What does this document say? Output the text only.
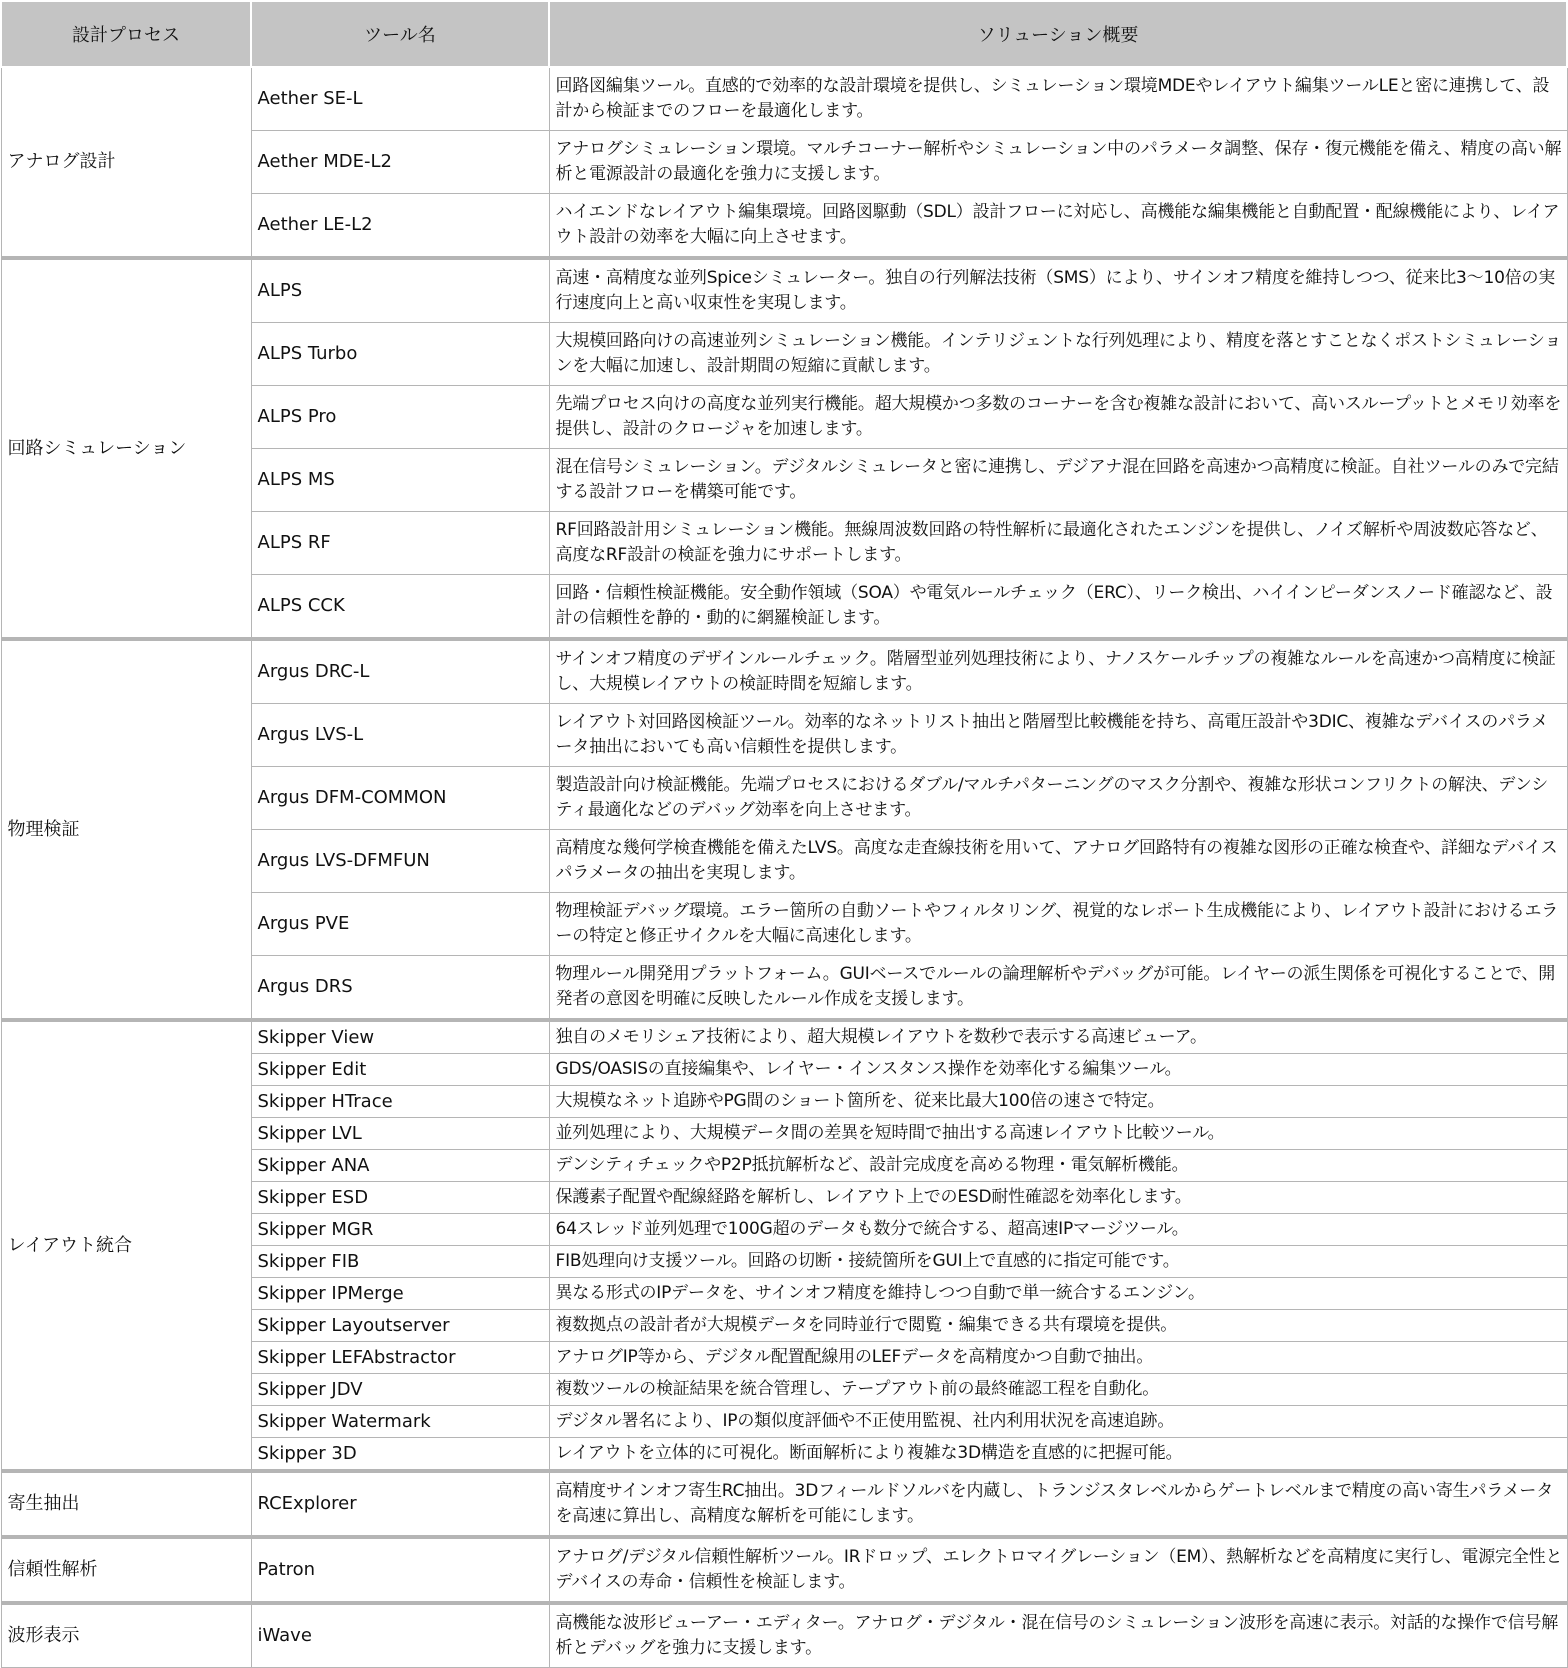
設計プロセス	ツール名	ソリューション概要
アナログ設計	Aether SE-L	回路図編集ツール。直感的で効率的な設計環境を提供し、シミュレーション環境MDEやレイアウト編集ツールLEと密に連携して、設計から検証までのフローを最適化します。
	Aether MDE-L2	アナログシミュレーション環境。マルチコーナー解析やシミュレーション中のパラメータ調整、保存・復元機能を備え、精度の高い解析と電源設計の最適化を強力に支援します。
	Aether LE-L2	ハイエンドなレイアウト編集環境。回路図駆動（SDL）設計フローに対応し、高機能な編集機能と自動配置・配線機能により、レイアウト設計の効率を大幅に向上させます。
回路シミュレーション	ALPS	高速・高精度な並列Spiceシミュレーター。独自の行列解法技術（SMS）により、サインオフ精度を維持しつつ、従来比3〜10倍の実行速度向上と高い収束性を実現します。
	ALPS Turbo	大規模回路向けの高速並列シミュレーション機能。インテリジェントな行列処理により、精度を落とすことなくポストシミュレーションを大幅に加速し、設計期間の短縮に貢献します。
	ALPS Pro	先端プロセス向けの高度な並列実行機能。超大規模かつ多数のコーナーを含む複雑な設計において、高いスループットとメモリ効率を提供し、設計のクロージャを加速します。
	ALPS MS	混在信号シミュレーション。デジタルシミュレータと密に連携し、デジアナ混在回路を高速かつ高精度に検証。自社ツールのみで完結する設計フローを構築可能です。
	ALPS RF	RF回路設計用シミュレーション機能。無線周波数回路の特性解析に最適化されたエンジンを提供し、ノイズ解析や周波数応答など、高度なRF設計の検証を強力にサポートします。
	ALPS CCK	回路・信頼性検証機能。安全動作領域（SOA）や電気ルールチェック（ERC）、リーク検出、ハイインピーダンスノード確認など、設計の信頼性を静的・動的に網羅検証します。
物理検証	Argus DRC-L	サインオフ精度のデザインルールチェック。階層型並列処理技術により、ナノスケールチップの複雑なルールを高速かつ高精度に検証し、大規模レイアウトの検証時間を短縮します。
	Argus LVS-L	レイアウト対回路図検証ツール。効率的なネットリスト抽出と階層型比較機能を持ち、高電圧設計や3DIC、複雑なデバイスのパラメータ抽出においても高い信頼性を提供します。
	Argus DFM-COMMON	製造設計向け検証機能。先端プロセスにおけるダブル/マルチパターニングのマスク分割や、複雑な形状コンフリクトの解決、デンシティ最適化などのデバッグ効率を向上させます。
	Argus LVS-DFMFUN	高精度な幾何学検査機能を備えたLVS。高度な走査線技術を用いて、アナログ回路特有の複雑な図形の正確な検査や、詳細なデバイスパラメータの抽出を実現します。
	Argus PVE	物理検証デバッグ環境。エラー箇所の自動ソートやフィルタリング、視覚的なレポート生成機能により、レイアウト設計におけるエラーの特定と修正サイクルを大幅に高速化します。
	Argus DRS	物理ルール開発用プラットフォーム。GUIベースでルールの論理解析やデバッグが可能。レイヤーの派生関係を可視化することで、開発者の意図を明確に反映したルール作成を支援します。
レイアウト統合	Skipper View	独自のメモリシェア技術により、超大規模レイアウトを数秒で表示する高速ビューア。
	Skipper Edit	GDS/OASISの直接編集や、レイヤー・インスタンス操作を効率化する編集ツール。
	Skipper HTrace	大規模なネット追跡やPG間のショート箇所を、従来比最大100倍の速さで特定。
	Skipper LVL	並列処理により、大規模データ間の差異を短時間で抽出する高速レイアウト比較ツール。
	Skipper ANA	デンシティチェックやP2P抵抗解析など、設計完成度を高める物理・電気解析機能。
	Skipper ESD	保護素子配置や配線経路を解析し、レイアウト上でのESD耐性確認を効率化します。
	Skipper MGR	64スレッド並列処理で100G超のデータも数分で統合する、超高速IPマージツール。
	Skipper FIB	FIB処理向け支援ツール。回路の切断・接続箇所をGUI上で直感的に指定可能です。
	Skipper IPMerge	異なる形式のIPデータを、サインオフ精度を維持しつつ自動で単一統合するエンジン。
	Skipper Layoutserver	複数拠点の設計者が大規模データを同時並行で閲覧・編集できる共有環境を提供。
	Skipper LEFAbstractor	アナログIP等から、デジタル配置配線用のLEFデータを高精度かつ自動で抽出。
	Skipper JDV	複数ツールの検証結果を統合管理し、テープアウト前の最終確認工程を自動化。
	Skipper Watermark	デジタル署名により、IPの類似度評価や不正使用監視、社内利用状況を高速追跡。
	Skipper 3D	レイアウトを立体的に可視化。断面解析により複雑な3D構造を直感的に把握可能。
寄生抽出	RCExplorer	高精度サインオフ寄生RC抽出。3Dフィールドソルバを内蔵し、トランジスタレベルからゲートレベルまで精度の高い寄生パラメータを高速に算出し、高精度な解析を可能にします。
信頼性解析	Patron	アナログ/デジタル信頼性解析ツール。IRドロップ、エレクトロマイグレーション（EM）、熱解析などを高精度に実行し、電源完全性とデバイスの寿命・信頼性を検証します。
波形表示	iWave	高機能な波形ビューアー・エディター。アナログ・デジタル・混在信号のシミュレーション波形を高速に表示。対話的な操作で信号解析とデバッグを強力に支援します。
